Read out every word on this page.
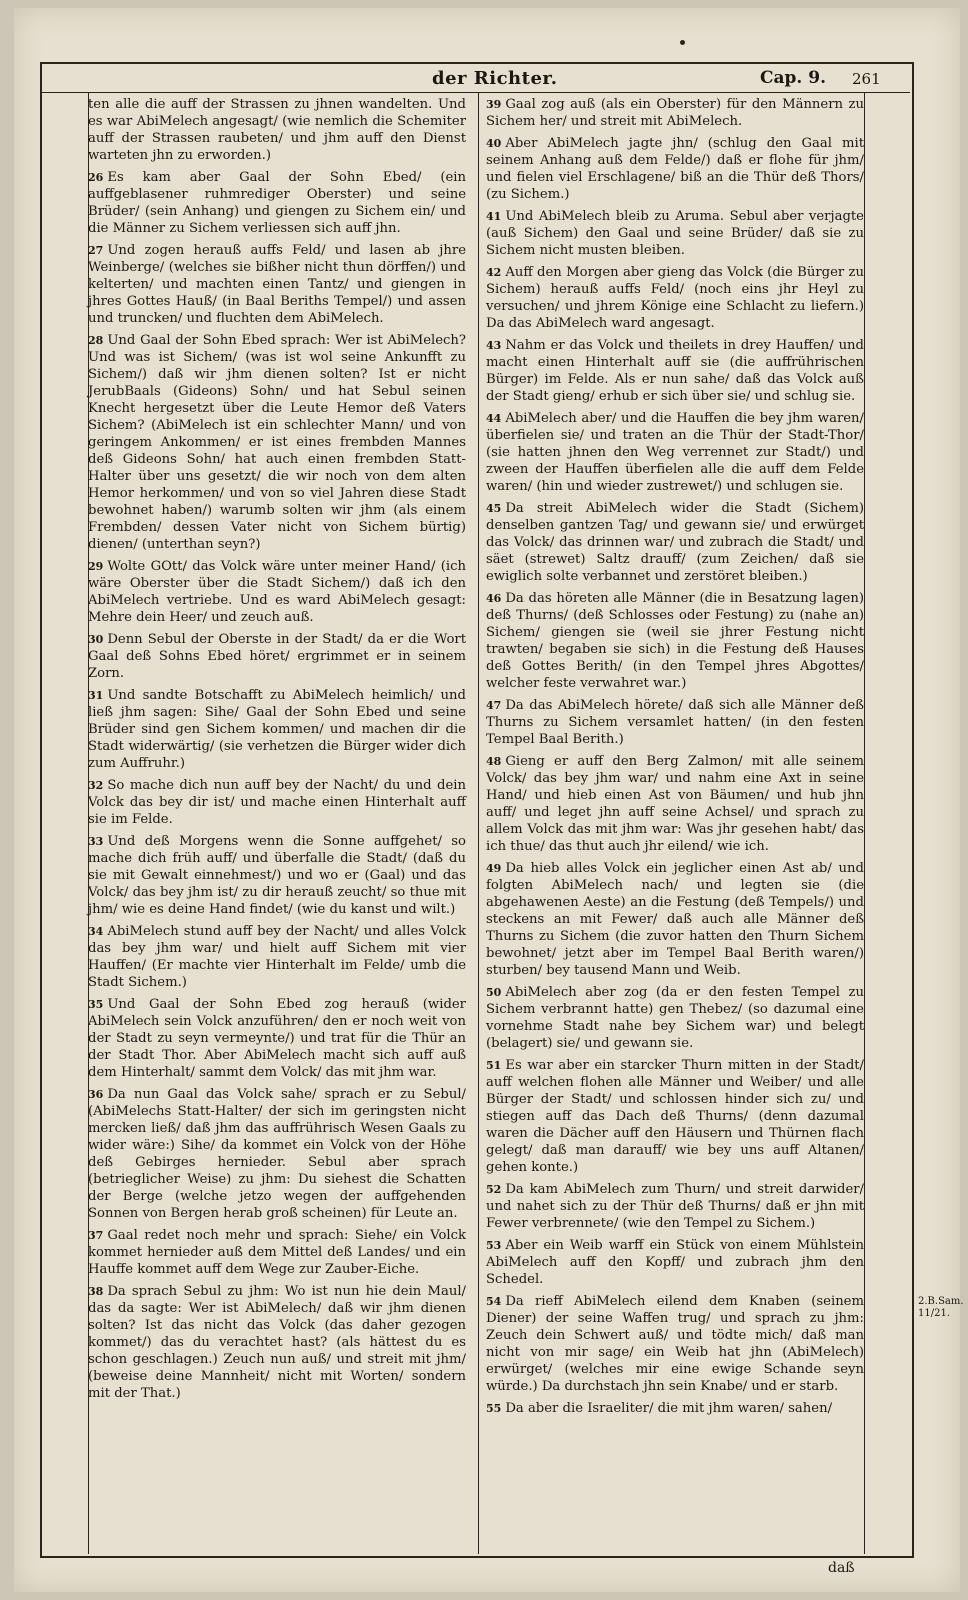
der Richter.	Cap. 9. 261

ten alle die auff der Strassen zu jhnen wandelten. Und es war AbiMelech angesagt/ (wie nemlich die Schemiter auff der Strassen raubeten/ und jhm auff den Dienst warteten jhn zu erworden.)

26 Es kam aber Gaal der Sohn Ebed/ (ein auffgeblasener ruhmrediger Oberster) und seine Brüder/ (sein Anhang) und giengen zu Sichem ein/ und die Männer zu Sichem verliessen sich auff jhn.

27 Und zogen herauß auffs Feld/ und lasen ab jhre Weinberge/ (welches sie bißher nicht thun dörffen/) und kelterten/ und machten einen Tantz/ und giengen in jhres Gottes Hauß/ (in Baal Beriths Tempel/) und assen und truncken/ und fluchten dem AbiMelech.

28 Und Gaal der Sohn Ebed sprach: Wer ist AbiMelech? Und was ist Sichem/ (was ist wol seine Ankunfft zu Sichem/) daß wir jhm dienen solten? Ist er nicht JerubBaals (Gideons) Sohn/ und hat Sebul seinen Knecht hergesetzt über die Leute Hemor deß Vaters Sichem? (AbiMelech ist ein schlechter Mann/ und von geringem Ankommen/ er ist eines frembden Mannes deß Gideons Sohn/ hat auch einen frembden Statt-Halter über uns gesetzt/ die wir noch von dem alten Hemor herkommen/ und von so viel Jahren diese Stadt bewohnet haben/) warumb solten wir jhm (als einem Frembden/ dessen Vater nicht von Sichem bürtig) dienen/ (unterthan seyn?)

29 Wolte GOtt/ das Volck wäre unter meiner Hand/ (ich wäre Oberster über die Stadt Sichem/) daß ich den AbiMelech vertriebe. Und es ward AbiMelech gesagt: Mehre dein Heer/ und zeuch auß.

30 Denn Sebul der Oberste in der Stadt/ da er die Wort Gaal deß Sohns Ebed höret/ ergrimmet er in seinem Zorn.

31 Und sandte Botschafft zu AbiMelech heimlich/ und ließ jhm sagen: Sihe/ Gaal der Sohn Ebed und seine Brüder sind gen Sichem kommen/ und machen dir die Stadt widerwärtig/ (sie verhetzen die Bürger wider dich zum Auffruhr.)

32 So mache dich nun auff bey der Nacht/ du und dein Volck das bey dir ist/ und mache einen Hinterhalt auff sie im Felde.

33 Und deß Morgens wenn die Sonne auffgehet/ so mache dich früh auff/ und überfalle die Stadt/ (daß du sie mit Gewalt einnehmest/) und wo er (Gaal) und das Volck/ das bey jhm ist/ zu dir herauß zeucht/ so thue mit jhm/ wie es deine Hand findet/ (wie du kanst und wilt.)

34 AbiMelech stund auff bey der Nacht/ und alles Volck das bey jhm war/ und hielt auff Sichem mit vier Hauffen/ (Er machte vier Hinterhalt im Felde/ umb die Stadt Sichem.)

35 Und Gaal der Sohn Ebed zog herauß (wider AbiMelech sein Volck anzuführen/ den er noch weit von der Stadt zu seyn vermeynte/) und trat für die Thür an der Stadt Thor. Aber AbiMelech macht sich auff auß dem Hinterhalt/ sammt dem Volck/ das mit jhm war.

36 Da nun Gaal das Volck sahe/ sprach er zu Sebul/ (AbiMelechs Statt-Halter/ der sich im geringsten nicht mercken ließ/ daß jhm das auffrührisch Wesen Gaals zu wider wäre:) Sihe/ da kommet ein Volck von der Höhe deß Gebirges hernieder. Sebul aber sprach (betrieglicher Weise) zu jhm: Du siehest die Schatten der Berge (welche jetzo wegen der auffgehenden Sonnen von Bergen herab groß scheinen) für Leute an.

37 Gaal redet noch mehr und sprach: Siehe/ ein Volck kommet hernieder auß dem Mittel deß Landes/ und ein Hauffe kommet auff dem Wege zur Zauber-Eiche.

38 Da sprach Sebul zu jhm: Wo ist nun hie dein Maul/ das da sagte: Wer ist AbiMelech/ daß wir jhm dienen solten? Ist das nicht das Volck (das daher gezogen kommet/) das du verachtet hast? (als hättest du es schon geschlagen.) Zeuch nun auß/ und streit mit jhm/ (beweise deine Mannheit/ nicht mit Worten/ sondern mit der That.)

39 Gaal zog auß (als ein Oberster) für den Männern zu Sichem her/ und streit mit AbiMelech.

40 Aber AbiMelech jagte jhn/ (schlug den Gaal mit seinem Anhang auß dem Felde/) daß er flohe für jhm/ und fielen viel Erschlagene/ biß an die Thür deß Thors/ (zu Sichem.)

41 Und AbiMelech bleib zu Aruma. Sebul aber verjagte (auß Sichem) den Gaal und seine Brüder/ daß sie zu Sichem nicht musten bleiben.

42 Auff den Morgen aber gieng das Volck (die Bürger zu Sichem) herauß auffs Feld/ (noch eins jhr Heyl zu versuchen/ und jhrem Könige eine Schlacht zu liefern.) Da das AbiMelech ward angesagt.

43 Nahm er das Volck und theilets in drey Hauffen/ und macht einen Hinterhalt auff sie (die auffrührischen Bürger) im Felde. Als er nun sahe/ daß das Volck auß der Stadt gieng/ erhub er sich über sie/ und schlug sie.

44 AbiMelech aber/ und die Hauffen die bey jhm waren/ überfielen sie/ und traten an die Thür der Stadt-Thor/ (sie hatten jhnen den Weg verrennet zur Stadt/) und zween der Hauffen überfielen alle die auff dem Felde waren/ (hin und wieder zustrewet/) und schlugen sie.

45 Da streit AbiMelech wider die Stadt (Sichem) denselben gantzen Tag/ und gewann sie/ und erwürget das Volck/ das drinnen war/ und zubrach die Stadt/ und säet (strewet) Saltz drauff/ (zum Zeichen/ daß sie ewiglich solte verbannet und zerstöret bleiben.)

46 Da das höreten alle Männer (die in Besatzung lagen) deß Thurns/ (deß Schlosses oder Festung) zu (nahe an) Sichem/ giengen sie (weil sie jhrer Festung nicht trawten/ begaben sie sich) in die Festung deß Hauses deß Gottes Berith/ (in den Tempel jhres Abgottes/ welcher feste verwahret war.)

47 Da das AbiMelech hörete/ daß sich alle Männer deß Thurns zu Sichem versamlet hatten/ (in den festen Tempel Baal Berith.)

48 Gieng er auff den Berg Zalmon/ mit alle seinem Volck/ das bey jhm war/ und nahm eine Axt in seine Hand/ und hieb einen Ast von Bäumen/ und hub jhn auff/ und leget jhn auff seine Achsel/ und sprach zu allem Volck das mit jhm war: Was jhr gesehen habt/ das ich thue/ das thut auch jhr eilend/ wie ich.

49 Da hieb alles Volck ein jeglicher einen Ast ab/ und folgten AbiMelech nach/ und legten sie (die abgehawenen Aeste) an die Festung (deß Tempels/) und steckens an mit Fewer/ daß auch alle Männer deß Thurns zu Sichem (die zuvor hatten den Thurn Sichem bewohnet/ jetzt aber im Tempel Baal Berith waren/) sturben/ bey tausend Mann und Weib.

50 AbiMelech aber zog (da er den festen Tempel zu Sichem verbrannt hatte) gen Thebez/ (so dazumal eine vornehme Stadt nahe bey Sichem war) und belegt (belagert) sie/ und gewann sie.

51 Es war aber ein starcker Thurn mitten in der Stadt/ auff welchen flohen alle Männer und Weiber/ und alle Bürger der Stadt/ und schlossen hinder sich zu/ und stiegen auff das Dach deß Thurns/ (denn dazumal waren die Dächer auff den Häusern und Thürnen flach gelegt/ daß man darauff/ wie bey uns auff Altanen/ gehen konte.)

52 Da kam AbiMelech zum Thurn/ und streit darwider/ und nahet sich zu der Thür deß Thurns/ daß er jhn mit Fewer verbrennete/ (wie den Tempel zu Sichem.)

53 Aber ein Weib warff ein Stück von einem Mühlstein AbiMelech auff den Kopff/ und zubrach jhm den Schedel.

54 Da rieff AbiMelech eilend dem Knaben (seinem Diener) der seine Waffen trug/ und sprach zu jhm: Zeuch dein Schwert auß/ und tödte mich/ daß man nicht von mir sage/ ein Weib hat jhn (AbiMelech) erwürget/ (welches mir eine ewige Schande seyn würde.) Da durchstach jhn sein Knabe/ und er starb.

55 Da aber die Israeliter/ die mit jhm waren/ sahen/

2.B.Sam. 11/21.
daß
